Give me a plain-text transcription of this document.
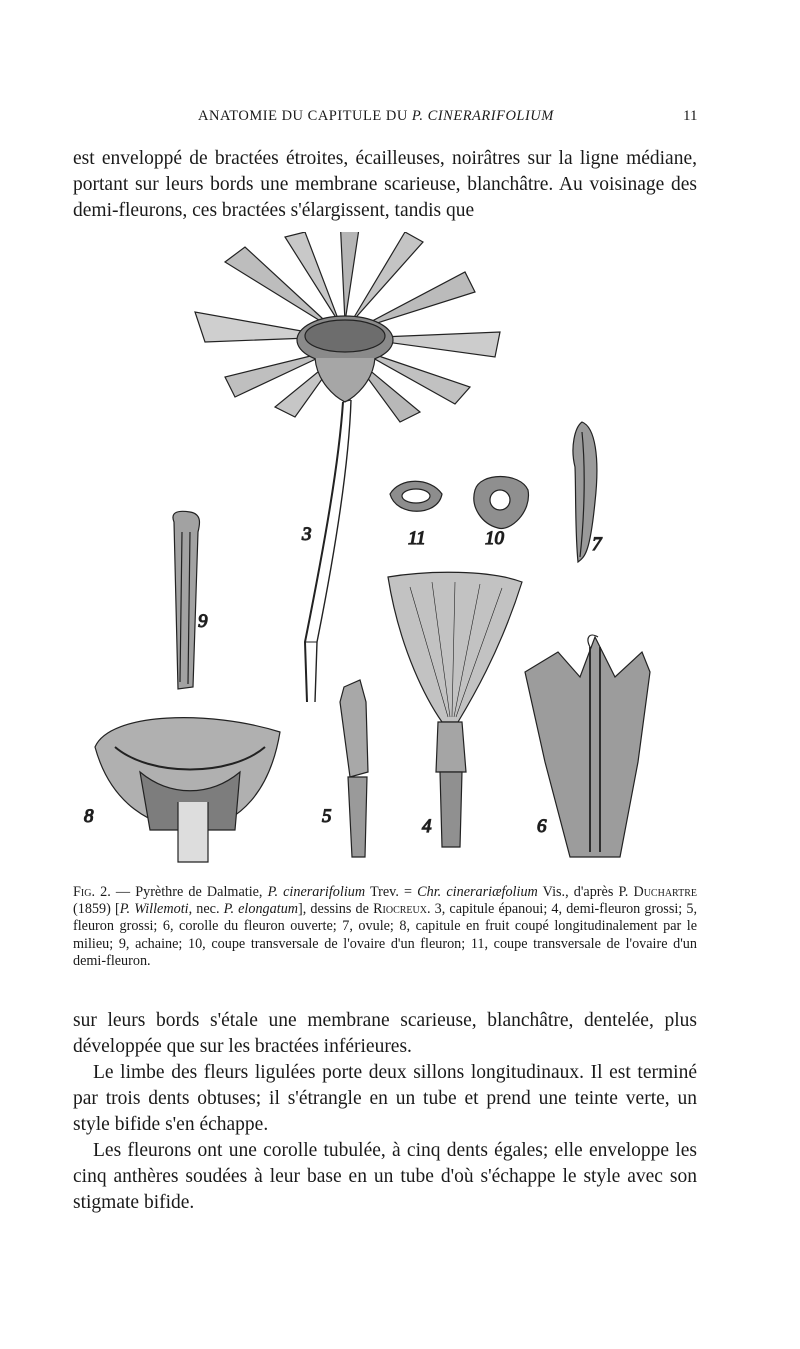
ANATOMIE DU CAPITULE DU P. CINERARIFOLIUM	11

est enveloppé de bractées étroites, écailleuses, noirâtres sur la ligne médiane, portant sur leurs bords une membrane scarieuse, blanchâtre. Au voisinage des demi-fleurons, ces bractées s'élargissent, tandis que

3	11	10	7
9
8	5	4	6

Fig. 2. — Pyrèthre de Dalmatie, P. cinerarifolium Trev. = Chr. cinerariæfolium Vis., d'après P. Duchartre (1859) [P. Willemoti, nec. P. elongatum], dessins de Riocreux. 3, capitule épanoui; 4, demi-fleuron grossi; 5, fleuron grossi; 6, corolle du fleuron ouverte; 7, ovule; 8, capitule en fruit coupé longitudinalement par le milieu; 9, achaine; 10, coupe transversale de l'ovaire d'un fleuron; 11, coupe transversale de l'ovaire d'un demi-fleuron.

sur leurs bords s'étale une membrane scarieuse, blanchâtre, dentelée, plus développée que sur les bractées inférieures.

Le limbe des fleurs ligulées porte deux sillons longitudinaux. Il est terminé par trois dents obtuses; il s'étrangle en un tube et prend une teinte verte, un style bifide s'en échappe.

Les fleurons ont une corolle tubulée, à cinq dents égales; elle enveloppe les cinq anthères soudées à leur base en un tube d'où s'échappe le style avec son stigmate bifide.
